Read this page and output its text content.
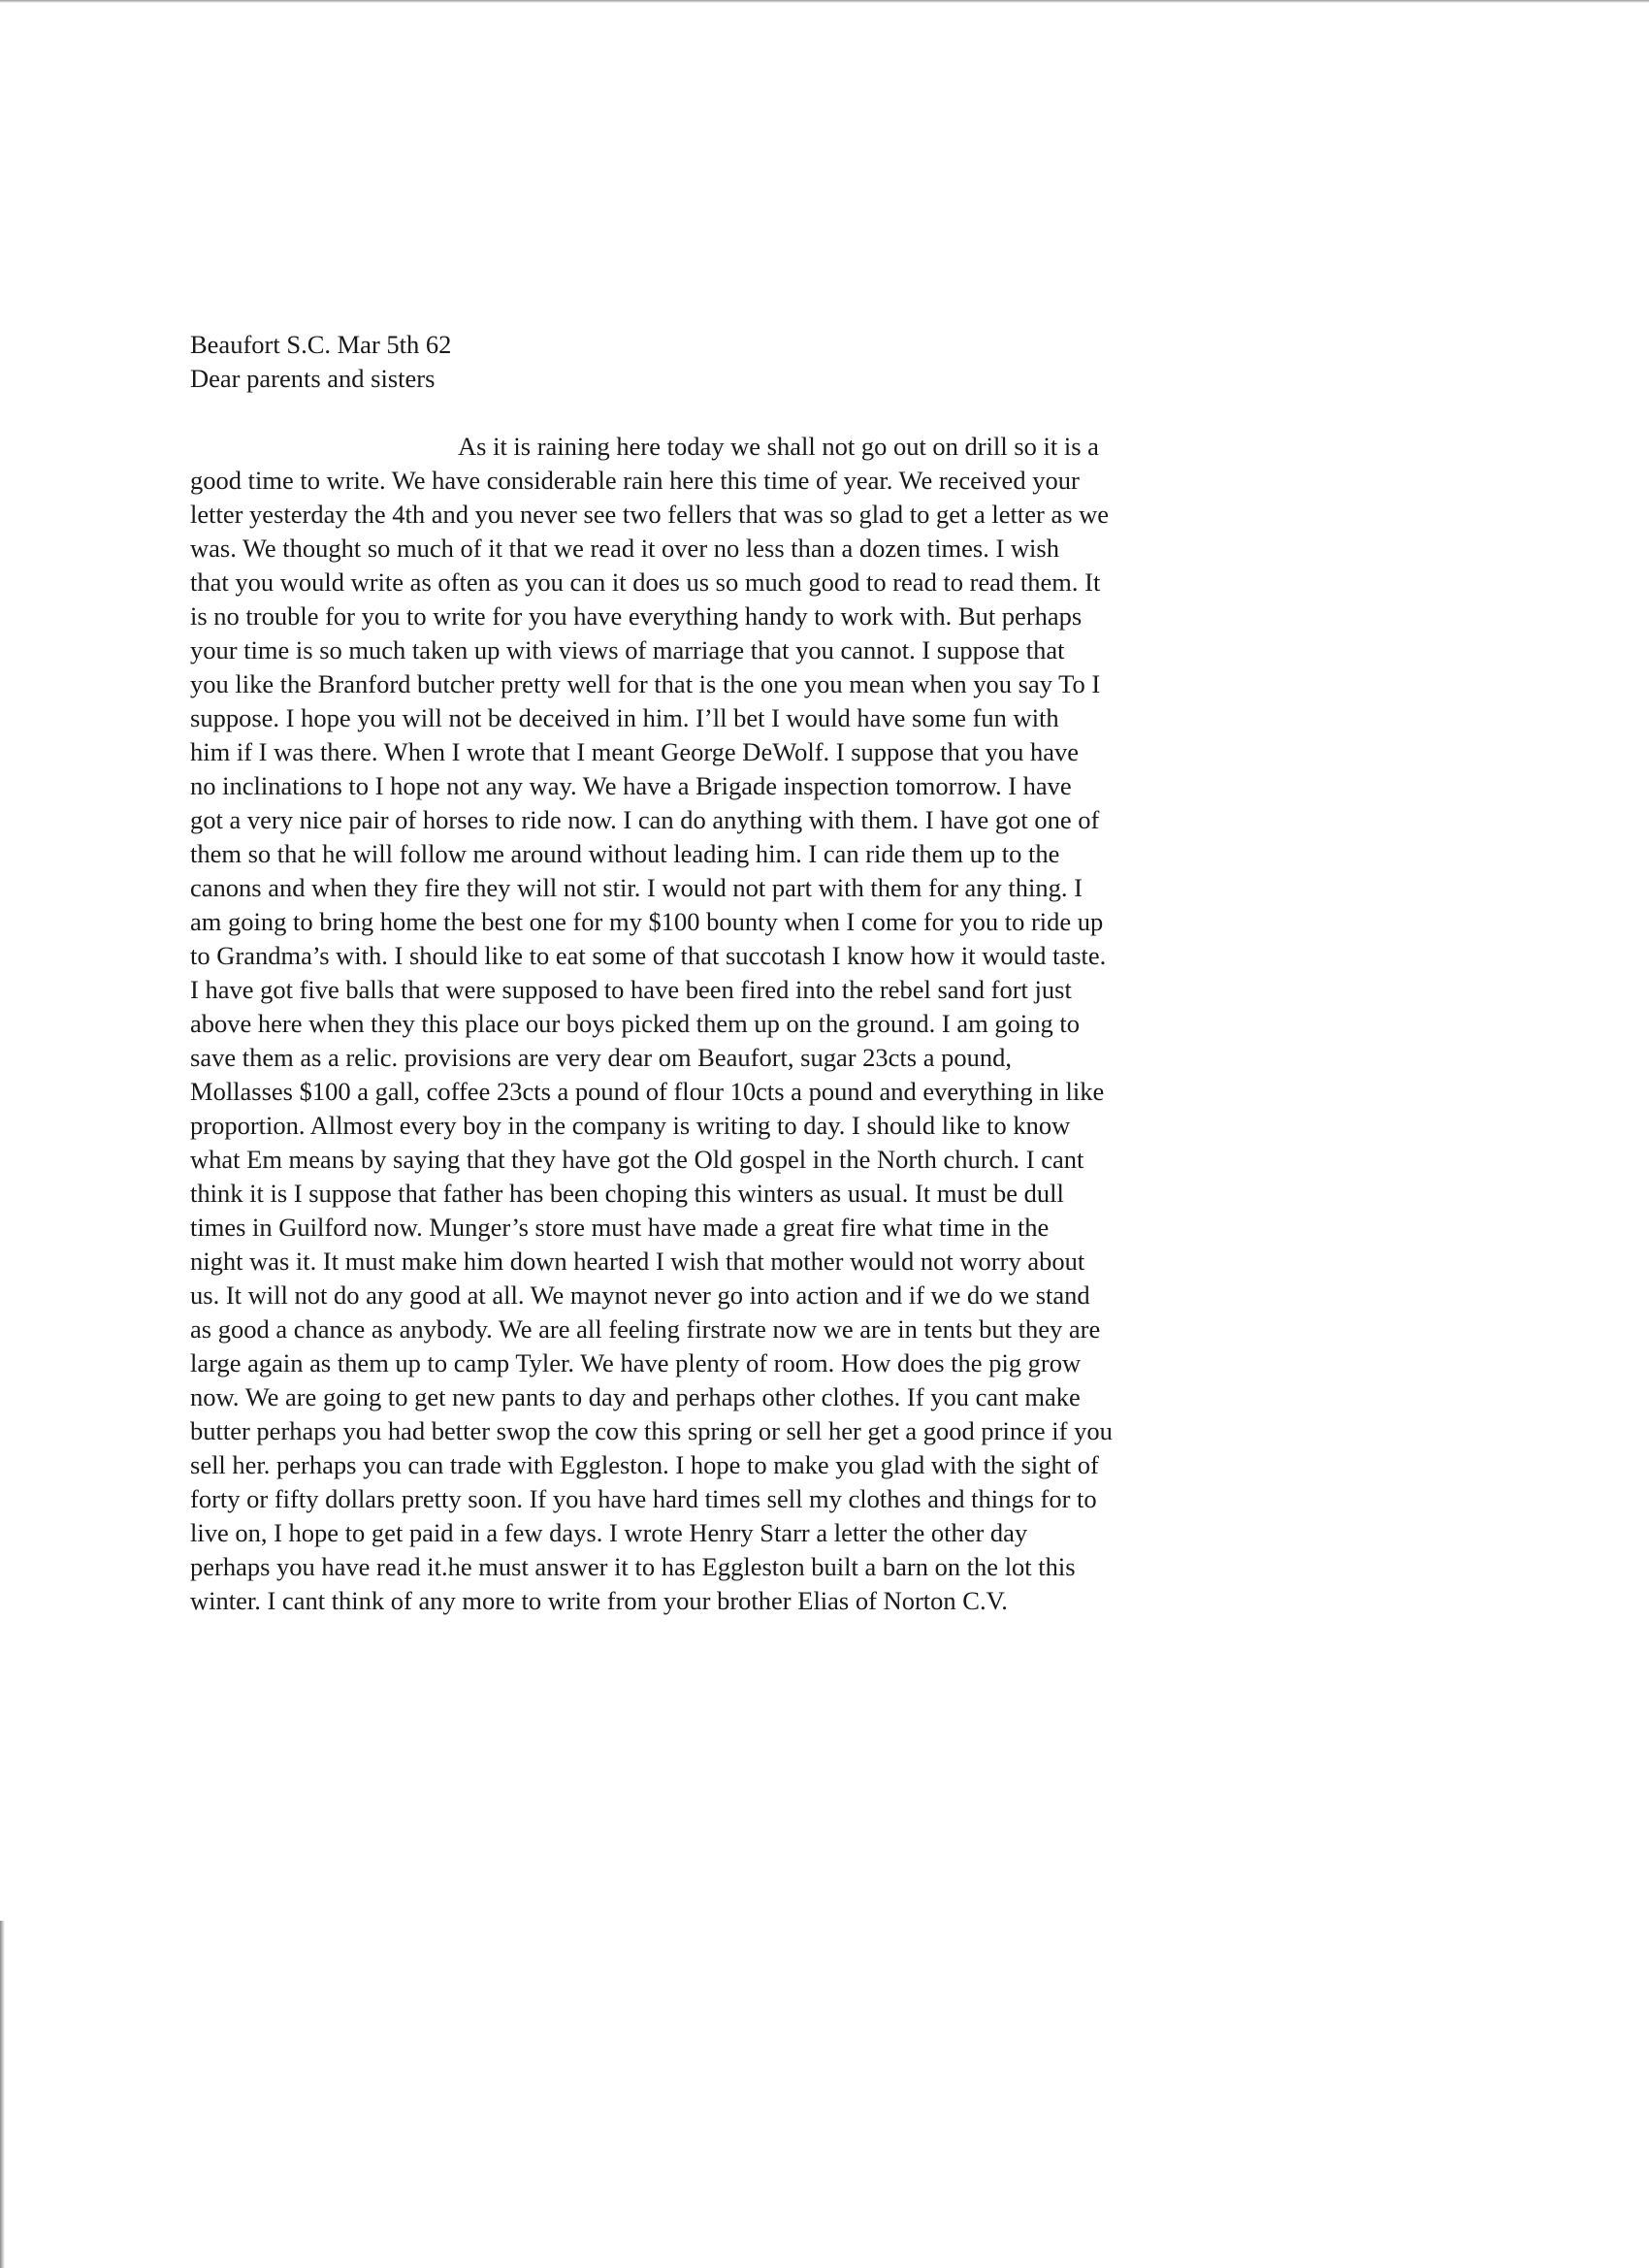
Beaufort S.C. Mar 5th 62
Dear parents and sisters
As it is raining here today we shall not go out on drill so it is a
good time to write. We have considerable rain here this time of year. We received your
letter yesterday the 4th and you never see two fellers that was so glad to get a letter as we
was. We thought so much of it that we read it over no less than a dozen times. I wish
that you would write as often as you can it does us so much good to read to read them. It
is no trouble for you to write for you have everything handy to work with. But perhaps
your time is so much taken up with views of marriage that you cannot. I suppose that
you like the Branford butcher pretty well for that is the one you mean when you say To I
suppose. I hope you will not be deceived in him. I’ll bet I would have some fun with
him if I was there. When I wrote that I meant George DeWolf. I suppose that you have
no inclinations to I hope not any way. We have a Brigade inspection tomorrow. I have
got a very nice pair of horses to ride now. I can do anything with them. I have got one of
them so that he will follow me around without leading him. I can ride them up to the
canons and when they fire they will not stir. I would not part with them for any thing. I
am going to bring home the best one for my $100 bounty when I come for you to ride up
to Grandma’s with. I should like to eat some of that succotash I know how it would taste.
I have got five balls that were supposed to have been fired into the rebel sand fort just
above here when they this place our boys picked them up on the ground. I am going to
save them as a relic. provisions are very dear om Beaufort, sugar 23cts a pound,
Mollasses $100 a gall, coffee 23cts a pound of flour 10cts a pound and everything in like
proportion. Allmost every boy in the company is writing to day. I should like to know
what Em means by saying that they have got the Old gospel in the North church. I cant
think it is I suppose that father has been choping this winters as usual. It must be dull
times in Guilford now. Munger’s store must have made a great fire what time in the
night was it. It must make him down hearted I wish that mother would not worry about
us. It will not do any good at all. We maynot never go into action and if we do we stand
as good a chance as anybody. We are all feeling firstrate now we are in tents but they are
large again as them up to camp Tyler. We have plenty of room. How does the pig grow
now. We are going to get new pants to day and perhaps other clothes. If you cant make
butter perhaps you had better swop the cow this spring or sell her get a good prince if you
sell her. perhaps you can trade with Eggleston. I hope to make you glad with the sight of
forty or fifty dollars pretty soon. If you have hard times sell my clothes and things for to
live on, I hope to get paid in a few days. I wrote Henry Starr a letter the other day
perhaps you have read it.he must answer it to has Eggleston built a barn on the lot this
winter. I cant think of any more to write from your brother Elias of Norton C.V.
